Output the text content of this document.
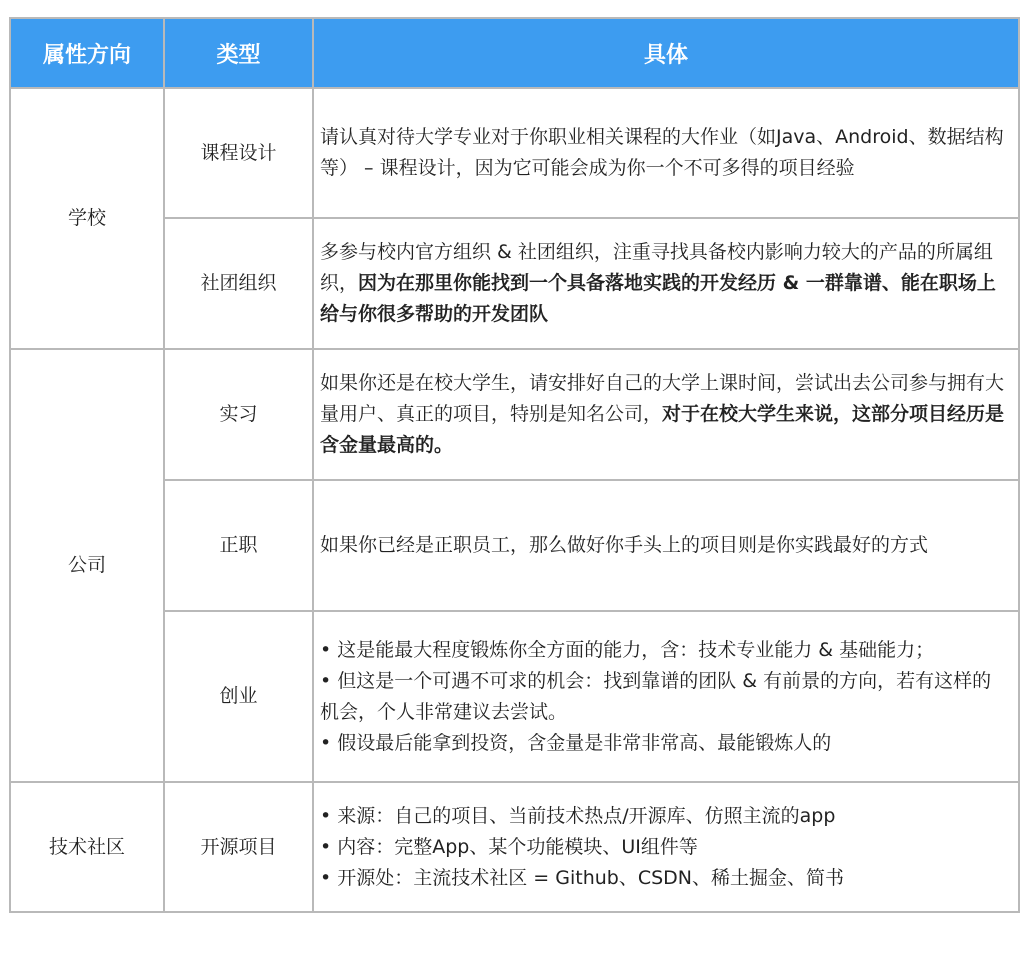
属性方向	类型	具体
学校	课程设计	请认真对待大学专业对于你职业相关课程的大作业（如Java、Android、数据结构等） – 课程设计，因为它可能会成为你一个不可多得的项目经验
	社团组织	多参与校内官方组织 & 社团组织，注重寻找具备校内影响力较大的产品的所属组织，因为在那里你能找到一个具备落地实践的开发经历 & 一群靠谱、能在职场上给与你很多帮助的开发团队
公司	实习	如果你还是在校大学生，请安排好自己的大学上课时间，尝试出去公司参与拥有大量用户、真正的项目，特别是知名公司，对于在校大学生来说，这部分项目经历是含金量最高的。
	正职	如果你已经是正职员工，那么做好你手头上的项目则是你实践最好的方式
	创业	• 这是能最大程度锻炼你全方面的能力，含：技术专业能力 & 基础能力；
• 但这是一个可遇不可求的机会：找到靠谱的团队 & 有前景的方向，若有这样的机会，个人非常建议去尝试。
• 假设最后能拿到投资，含金量是非常非常高、最能锻炼人的

技术社区	开源项目	• 来源：自己的项目、当前技术热点/开源库、仿照主流的app
• 内容：完整App、某个功能模块、UI组件等
• 开源处：主流技术社区 = Github、CSDN、稀土掘金、简书
